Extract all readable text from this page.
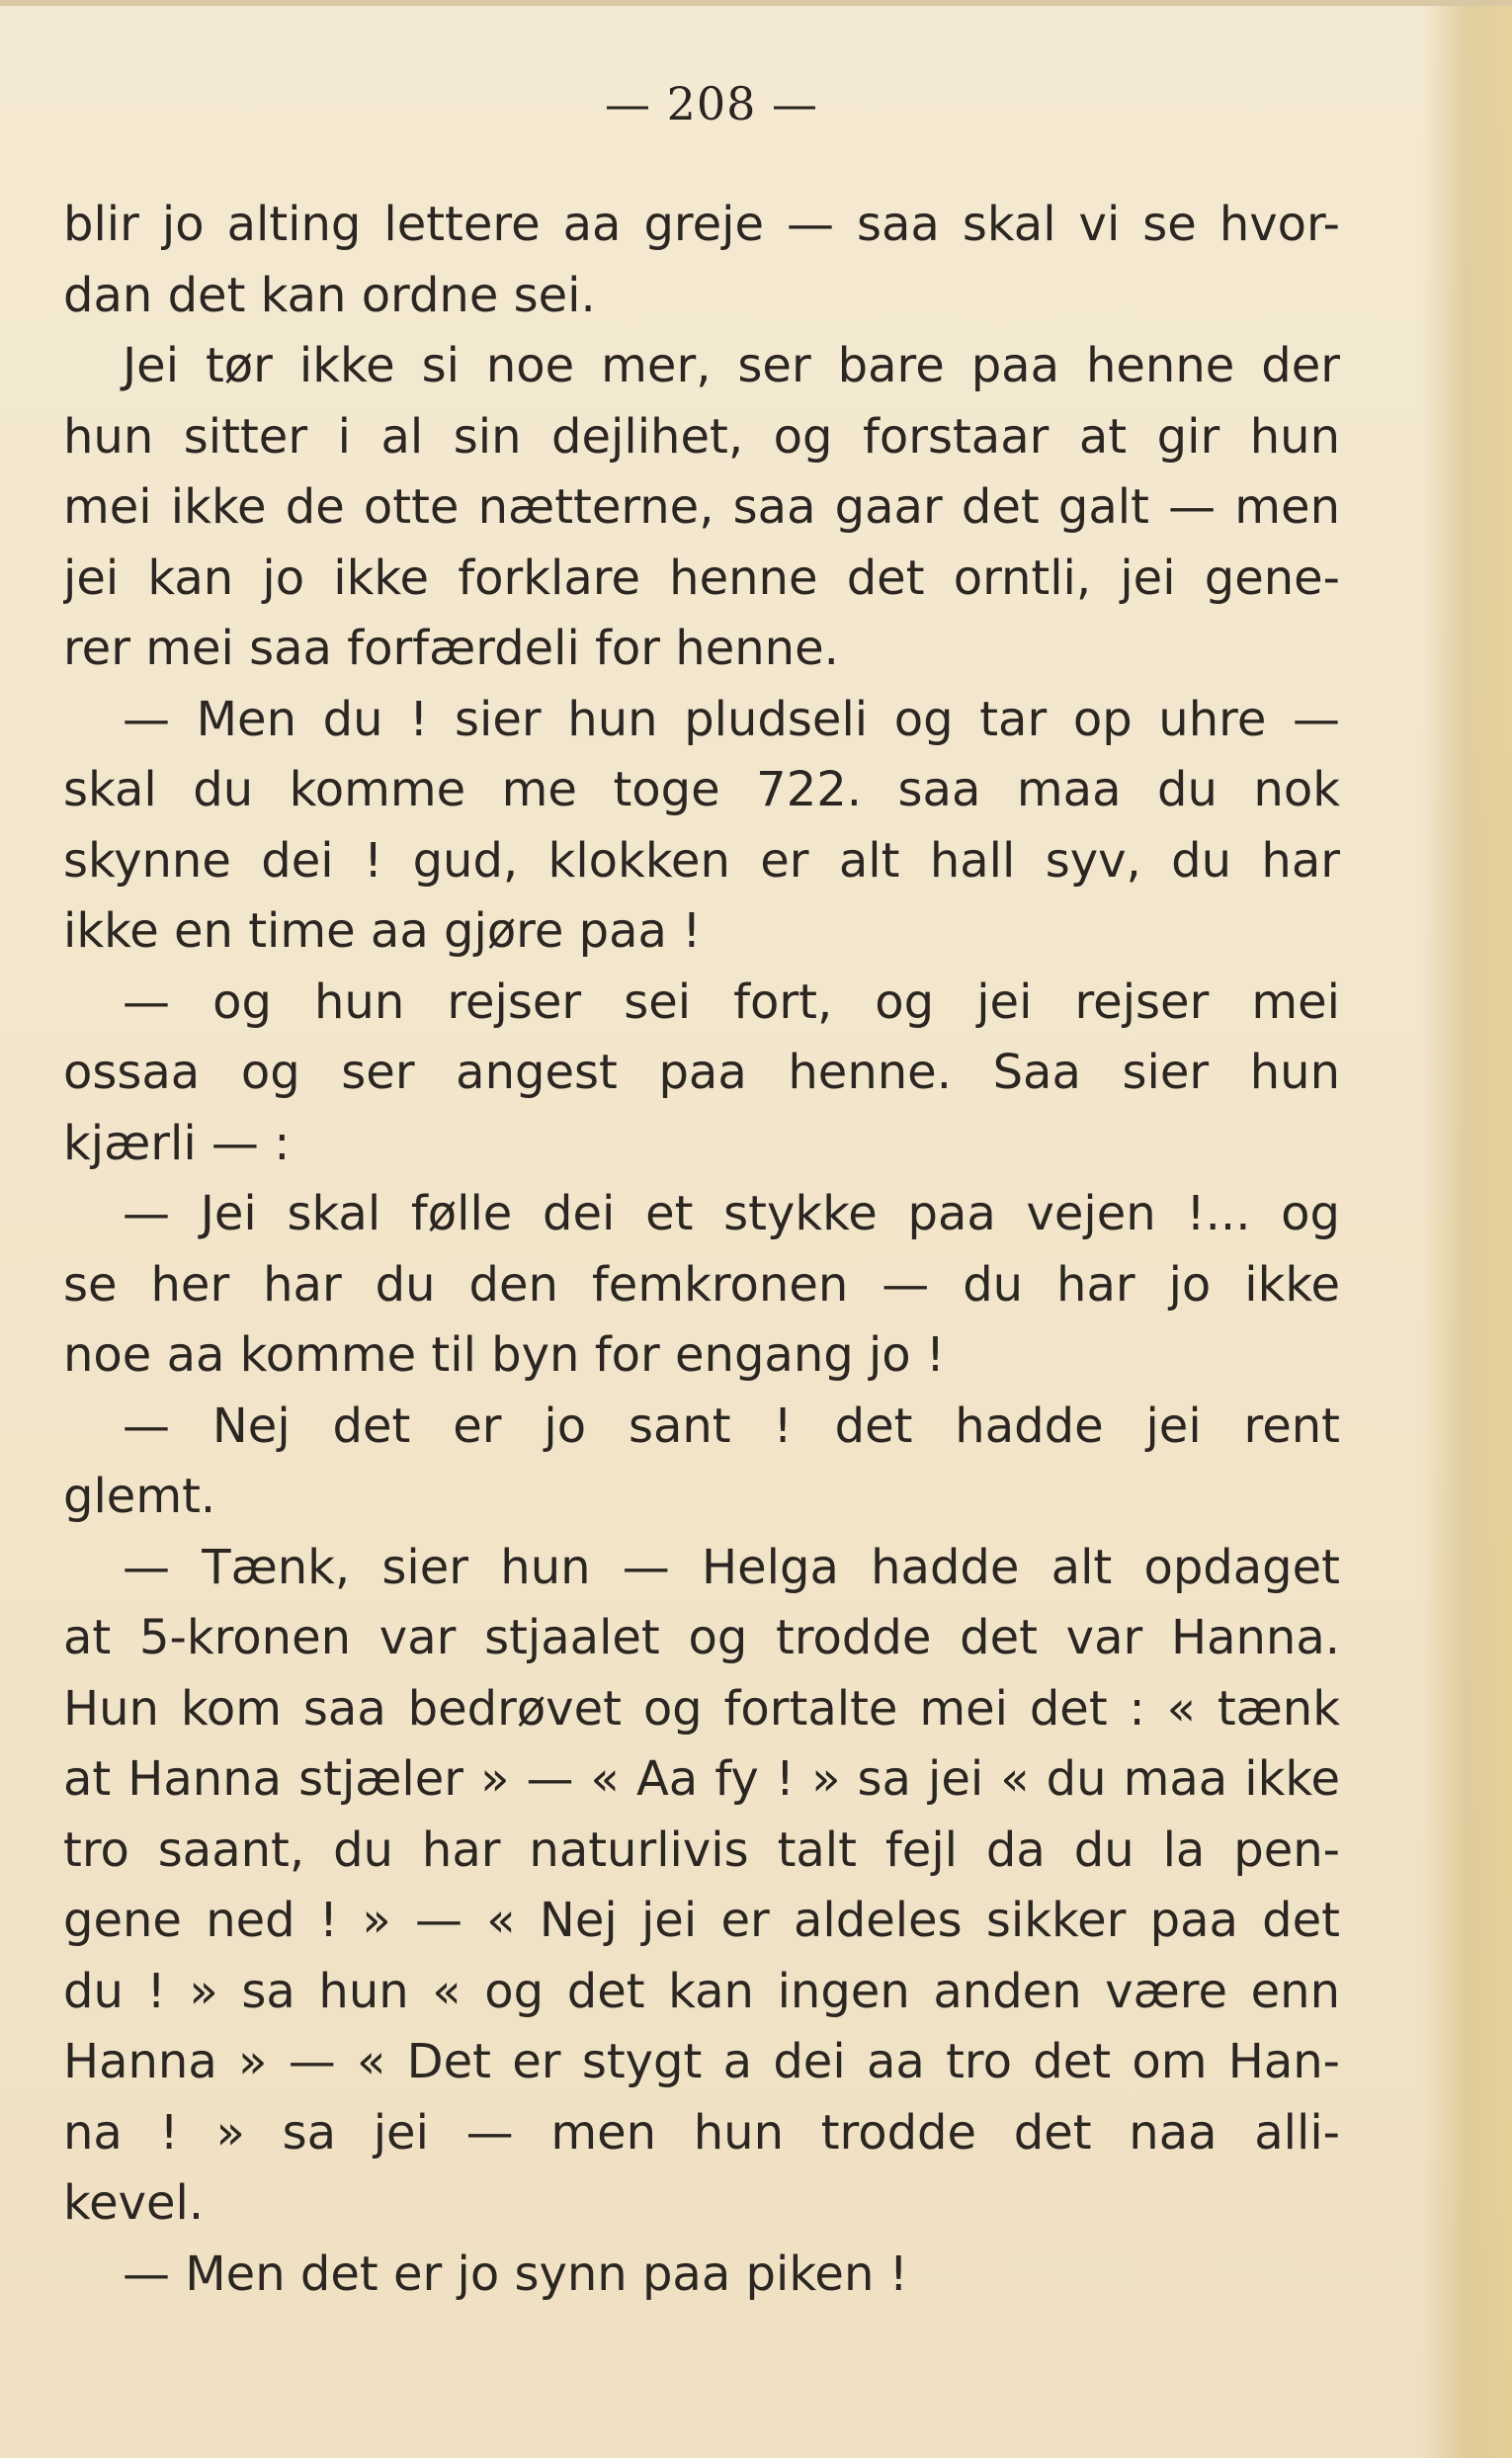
— 208 —
blir jo alting lettere aa greje — saa skal vi se hvor-
dan det kan ordne sei.
Jei tør ikke si noe mer, ser bare paa henne der
hun sitter i al sin dejlihet, og forstaar at gir hun
mei ikke de otte nætterne, saa gaar det galt — men
jei kan jo ikke forklare henne det orntli, jei gene-
rer mei saa forfærdeli for henne.
— Men du ! sier hun pludseli og tar op uhre —
skal du komme me toge 722. saa maa du nok
skynne dei ! gud, klokken er alt hall syv, du har
ikke en time aa gjøre paa !
— og hun rejser sei fort, og jei rejser mei
ossaa og ser angest paa henne. Saa sier hun
kjærli — :
— Jei skal følle dei et stykke paa vejen !... og
se her har du den femkronen — du har jo ikke
noe aa komme til byn for engang jo !
— Nej det er jo sant ! det hadde jei rent
glemt.
— Tænk, sier hun — Helga hadde alt opdaget
at 5-kronen var stjaalet og trodde det var Hanna.
Hun kom saa bedrøvet og fortalte mei det : « tænk
at Hanna stjæler » — « Aa fy ! » sa jei « du maa ikke
tro saant, du har naturlivis talt fejl da du la pen-
gene ned ! » — « Nej jei er aldeles sikker paa det
du ! » sa hun « og det kan ingen anden være enn
Hanna » — « Det er stygt a dei aa tro det om Han-
na ! » sa jei — men hun trodde det naa alli-
kevel.
— Men det er jo synn paa piken !
